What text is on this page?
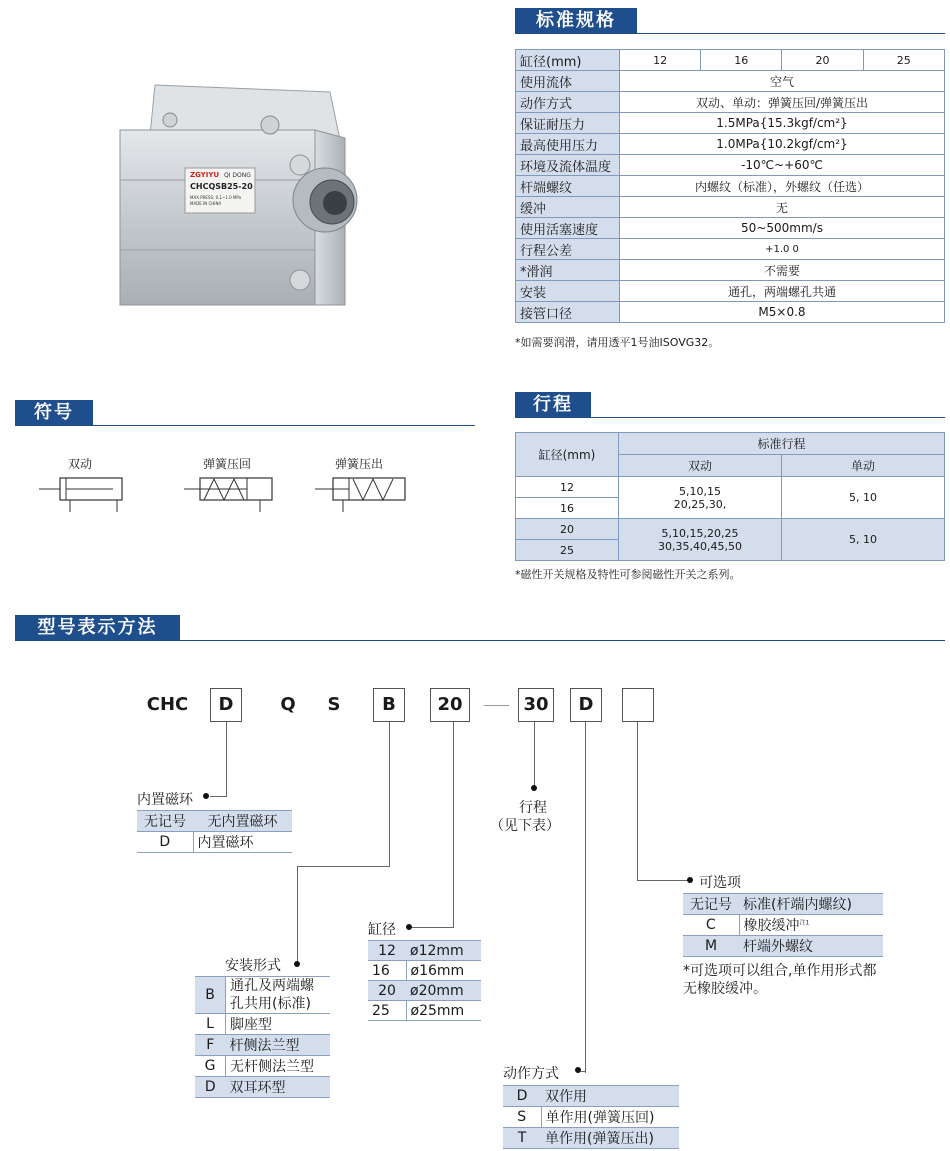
ZGYIYU QI DONG
CHCQSB25-20
MAX.PRESS: 0.1~1.0 MPa
MADE IN CHINA
标准规格
缸径(mm)	12	16	20	25
使用流体	空气			
动作方式	双动、单动：弹簧压回/弹簧压出			
保证耐压力	1.5MPa{15.3kgf/cm²}			
最高使用压力	1.0MPa{10.2kgf/cm²}			
环境及流体温度	-10℃~+60℃			
杆端螺纹	内螺纹（标准），外螺纹（任选）			
缓冲	无			
使用活塞速度	50~500mm/s			
行程公差	+1.0 0			
*滑润	不需要			
安装	通孔，两端螺孔共通			
接管口径	M5×0.8			
*如需要润滑，请用透平1号油ISOVG32。
符号
双动	弹簧压回	弹簧压出
行程
缸径(mm)	标准行程	
	双动	单动
12	5,10,15 20,25,30,	5, 10
16		
20	5,10,15,20,25 30,35,40,45,50	5, 10
25		
*磁性开关规格及特性可参阅磁性开关之系列。
型号表示方法
CHC	D	Q S	B	20	30	D
内置磁环
无记号	无内置磁环
D	内置磁环
行程
（见下表）
安装形式
B	通孔及两端螺孔共用(标准)
L	脚座型
F	杆侧法兰型
G	无杆侧法兰型
D	双耳环型
缸径
12	ø12mm
16	ø16mm
20	ø20mm
25	ø25mm
动作方式
D	双作用
S	单作用(弹簧压回)
T	单作用(弹簧压出)
可选项
无记号	标准(杆端内螺纹)
C	橡胶缓冲$^{注1}$
M	杆端外螺纹
*可选项可以组合,单作用形式都无橡胶缓冲。
